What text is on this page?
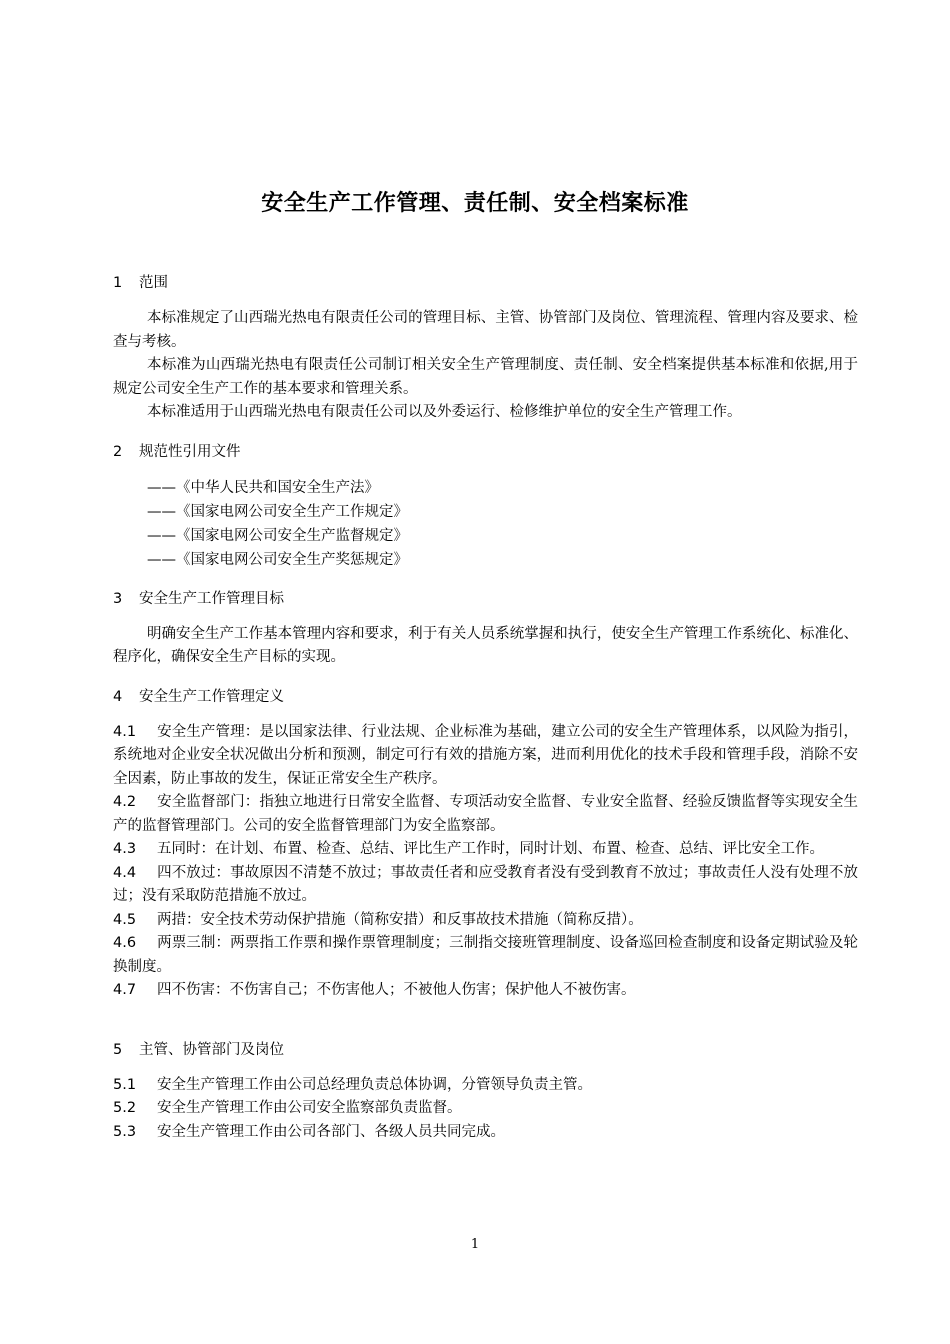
安全生产工作管理、责任制、安全档案标准
1 范围

本标准规定了山西瑞光热电有限责任公司的管理目标、主管、协管部门及岗位、管理流程、管理内容及要求、检查与考核。

本标准为山西瑞光热电有限责任公司制订相关安全生产管理制度、责任制、安全档案提供基本标准和依据,用于规定公司安全生产工作的基本要求和管理关系。

本标准适用于山西瑞光热电有限责任公司以及外委运行、检修维护单位的安全生产管理工作。

2 规范性引用文件
——《中华人民共和国安全生产法》
——《国家电网公司安全生产工作规定》
——《国家电网公司安全生产监督规定》
——《国家电网公司安全生产奖惩规定》
3 安全生产工作管理目标

明确安全生产工作基本管理内容和要求，利于有关人员系统掌握和执行，使安全生产管理工作系统化、标准化、程序化，确保安全生产目标的实现。

4 安全生产工作管理定义
4.1 安全生产管理：是以国家法律、行业法规、企业标准为基础，建立公司的安全生产管理体系，以风险为指引，系统地对企业安全状况做出分析和预测，制定可行有效的措施方案，进而利用优化的技术手段和管理手段，消除不安全因素，防止事故的发生，保证正常安全生产秩序。
4.2 安全监督部门：指独立地进行日常安全监督、专项活动安全监督、专业安全监督、经验反馈监督等实现安全生产的监督管理部门。公司的安全监督管理部门为安全监察部。
4.3 五同时：在计划、布置、检查、总结、评比生产工作时，同时计划、布置、检查、总结、评比安全工作。
4.4 四不放过：事故原因不清楚不放过；事故责任者和应受教育者没有受到教育不放过；事故责任人没有处理不放过；没有采取防范措施不放过。
4.5 两措：安全技术劳动保护措施（简称安措）和反事故技术措施（简称反措）。
4.6 两票三制：两票指工作票和操作票管理制度；三制指交接班管理制度、设备巡回检查制度和设备定期试验及轮换制度。
4.7 四不伤害：不伤害自己；不伤害他人；不被他人伤害；保护他人不被伤害。
5 主管、协管部门及岗位
5.1 安全生产管理工作由公司总经理负责总体协调，分管领导负责主管。
5.2 安全生产管理工作由公司安全监察部负责监督。
5.3 安全生产管理工作由公司各部门、各级人员共同完成。
1
